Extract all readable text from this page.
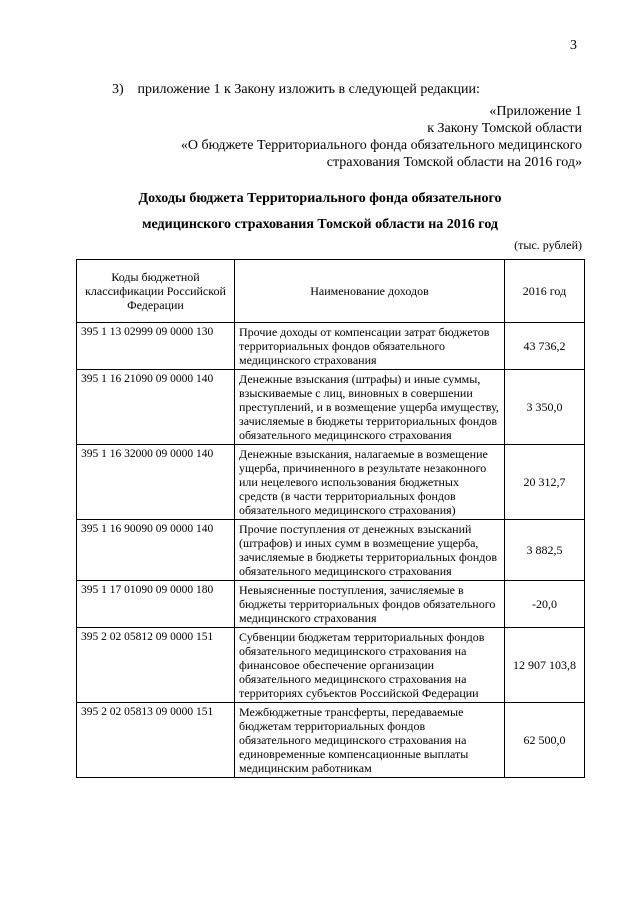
3
3) приложение 1 к Закону изложить в следующей редакции:
«Приложение 1
к Закону Томской области
«О бюджете Территориального фонда обязательного медицинского
страхования Томской области на 2016 год»
Доходы бюджета Территориального фонда обязательного
медицинского страхования Томской области на 2016 год
(тыс. рублей)
Коды бюджетной классификации Российской Федерации	Наименование доходов	2016 год
395 1 13 02999 09 0000 130	Прочие доходы от компенсации затрат бюджетов территориальных фондов обязательного медицинского страхования	43 736,2
395 1 16 21090 09 0000 140	Денежные взыскания (штрафы) и иные суммы, взыскиваемые с лиц, виновных в совершении преступлений, и в возмещение ущерба имуществу, зачисляемые в бюджеты территориальных фондов обязательного медицинского страхования	3 350,0
395 1 16 32000 09 0000 140	Денежные взыскания, налагаемые в возмещение ущерба, причиненного в результате незаконного или нецелевого использования бюджетных средств (в части территориальных фондов обязательного медицинского страхования)	20 312,7
395 1 16 90090 09 0000 140	Прочие поступления от денежных взысканий (штрафов) и иных сумм в возмещение ущерба, зачисляемые в бюджеты территориальных фондов обязательного медицинского страхования	3 882,5
395 1 17 01090 09 0000 180	Невыясненные поступления, зачисляемые в бюджеты территориальных фондов обязательного медицинского страхования	-20,0
395 2 02 05812 09 0000 151	Субвенции бюджетам территориальных фондов обязательного медицинского страхования на финансовое обеспечение организации обязательного медицинского страхования на территориях субъектов Российской Федерации	12 907 103,8
395 2 02 05813 09 0000 151	Межбюджетные трансферты, передаваемые бюджетам территориальных фондов обязательного медицинского страхования на единовременные компенсационные выплаты медицинским работникам	62 500,0
